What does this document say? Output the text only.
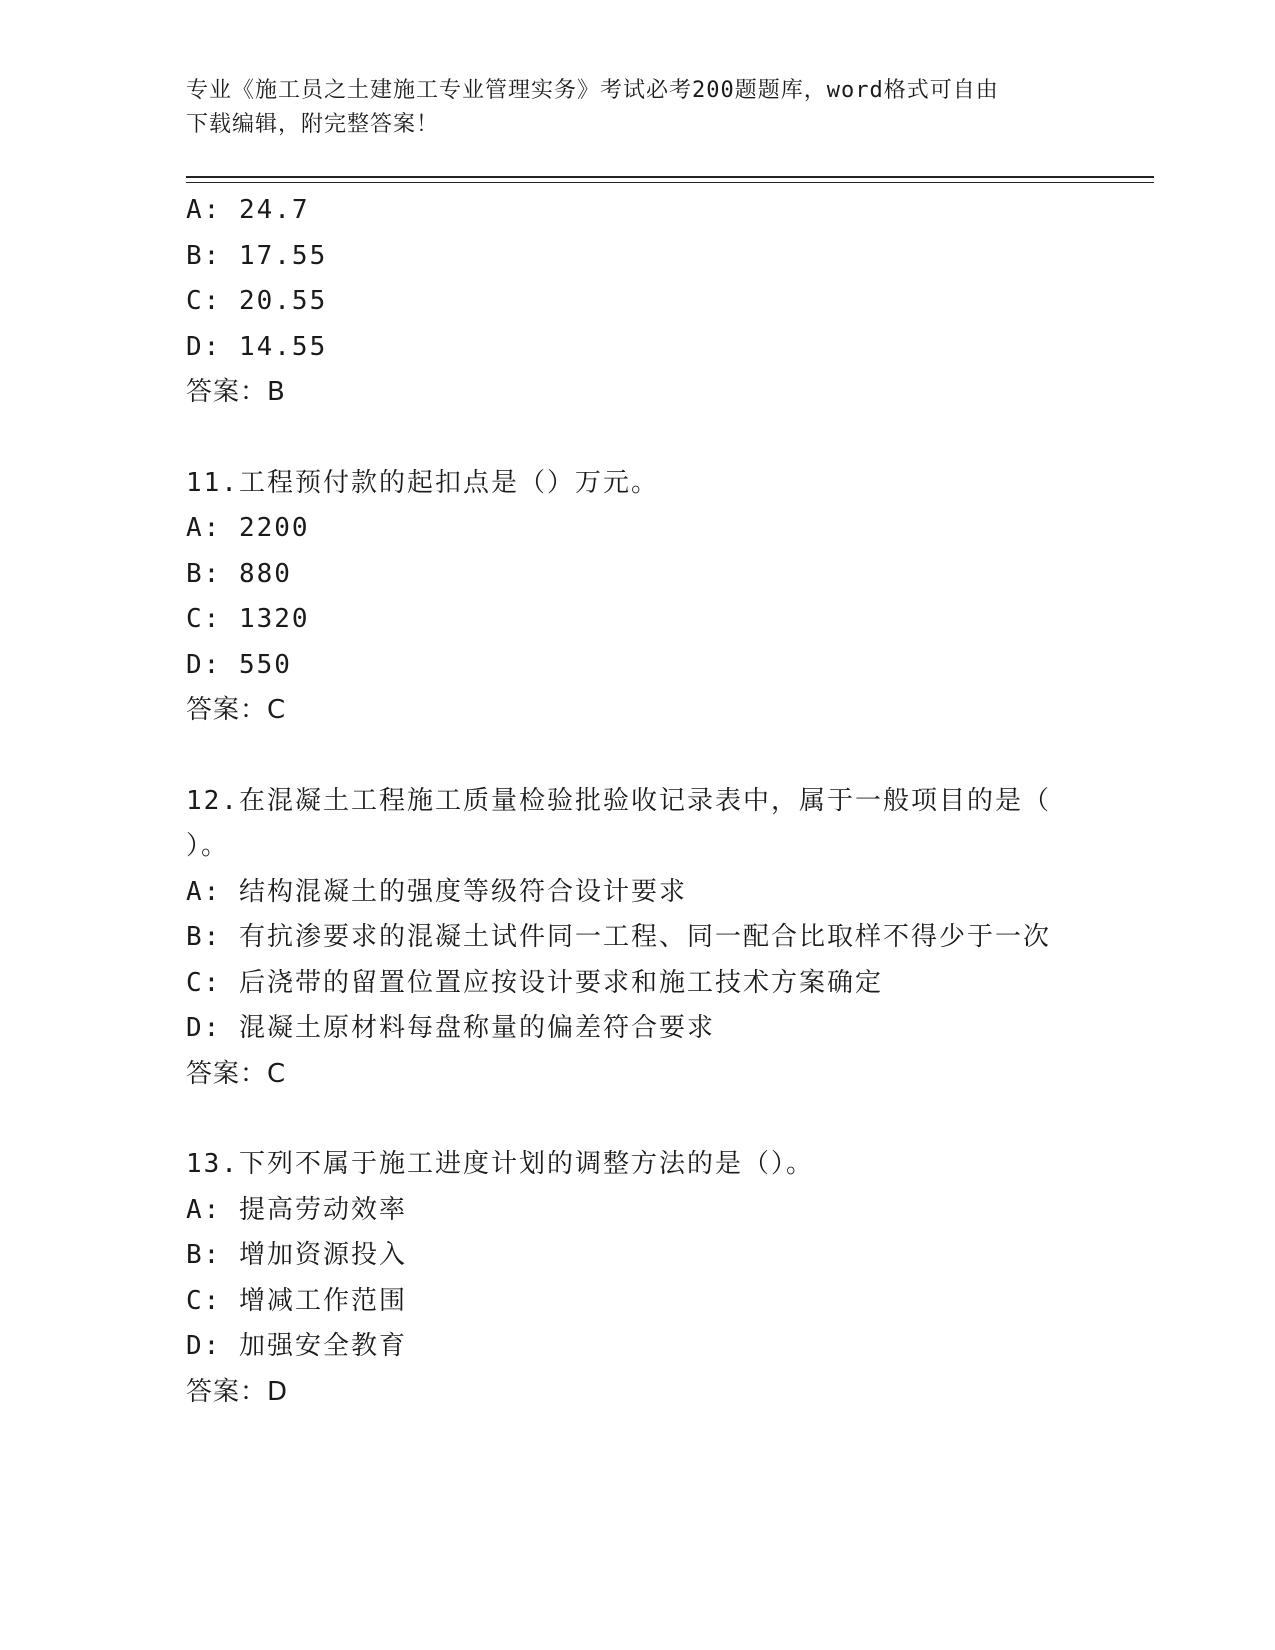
专业《施工员之土建施工专业管理实务》考试必考200题题库，word格式可自由
下载编辑，附完整答案！
A: 24.7
B: 17.55
C: 20.55
D: 14.55
答案：B
11.工程预付款的起扣点是（）万元。
A: 2200
B: 880
C: 1320
D: 550
答案：C
12.在混凝土工程施工质量检验批验收记录表中，属于一般项目的是（
）。
A: 结构混凝土的强度等级符合设计要求
B: 有抗渗要求的混凝土试件同一工程、同一配合比取样不得少于一次
C: 后浇带的留置位置应按设计要求和施工技术方案确定
D: 混凝土原材料每盘称量的偏差符合要求
答案：C
13.下列不属于施工进度计划的调整方法的是（）。
A: 提高劳动效率
B: 增加资源投入
C: 增减工作范围
D: 加强安全教育
答案：D
